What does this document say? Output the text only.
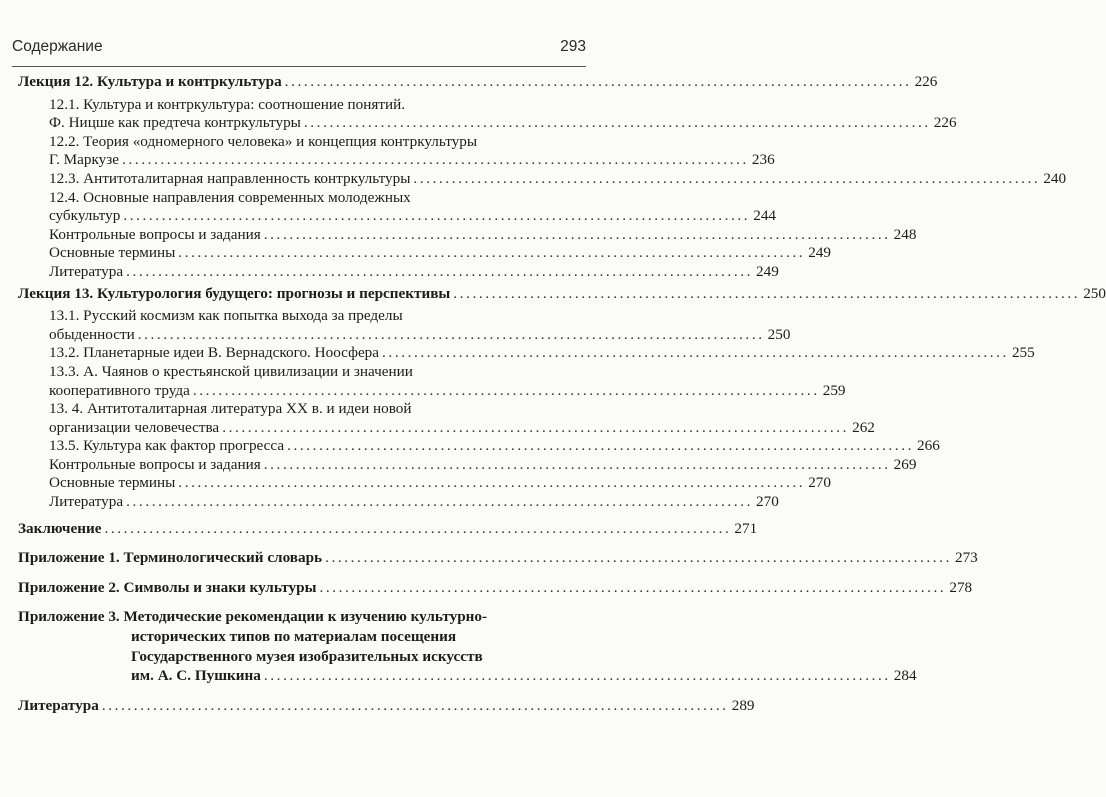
Содержание	293
Лекция 12. Культура и контркультура .................................................................................................. 226
12.1. Культура и контркультура: соотношение понятий.
Ф. Ницше как предтеча контркультуры .................................................................................................. 226
12.2. Теория «одномерного человека» и концепция контркультуры
Г. Маркузе .................................................................................................. 236
12.3. Антитоталитарная направленность контркультуры .................................................................................................. 240
12.4. Основные направления современных молодежных
субкультур .................................................................................................. 244
Контрольные вопросы и задания .................................................................................................. 248
Основные термины .................................................................................................. 249
Литература .................................................................................................. 249
Лекция 13. Культурология будущего: прогнозы и перспективы .................................................................................................. 250
13.1. Русский космизм как попытка выхода за пределы
обыденности .................................................................................................. 250
13.2. Планетарные идеи В. Вернадского. Ноосфера .................................................................................................. 255
13.3. А. Чаянов о крестьянской цивилизации и значении
кооперативного труда .................................................................................................. 259
13. 4. Антитоталитарная литература XX в. и идеи новой
организации человечества .................................................................................................. 262
13.5. Культура как фактор прогресса .................................................................................................. 266
Контрольные вопросы и задания .................................................................................................. 269
Основные термины .................................................................................................. 270
Литература .................................................................................................. 270
Заключение .................................................................................................. 271
Приложение 1. Терминологический словарь .................................................................................................. 273
Приложение 2. Символы и знаки культуры .................................................................................................. 278
Приложение 3. Методические рекомендации к изучению культурно-
исторических типов по материалам посещения
Государственного музея изобразительных искусств
им. А. С. Пушкина .................................................................................................. 284
Литература .................................................................................................. 289
